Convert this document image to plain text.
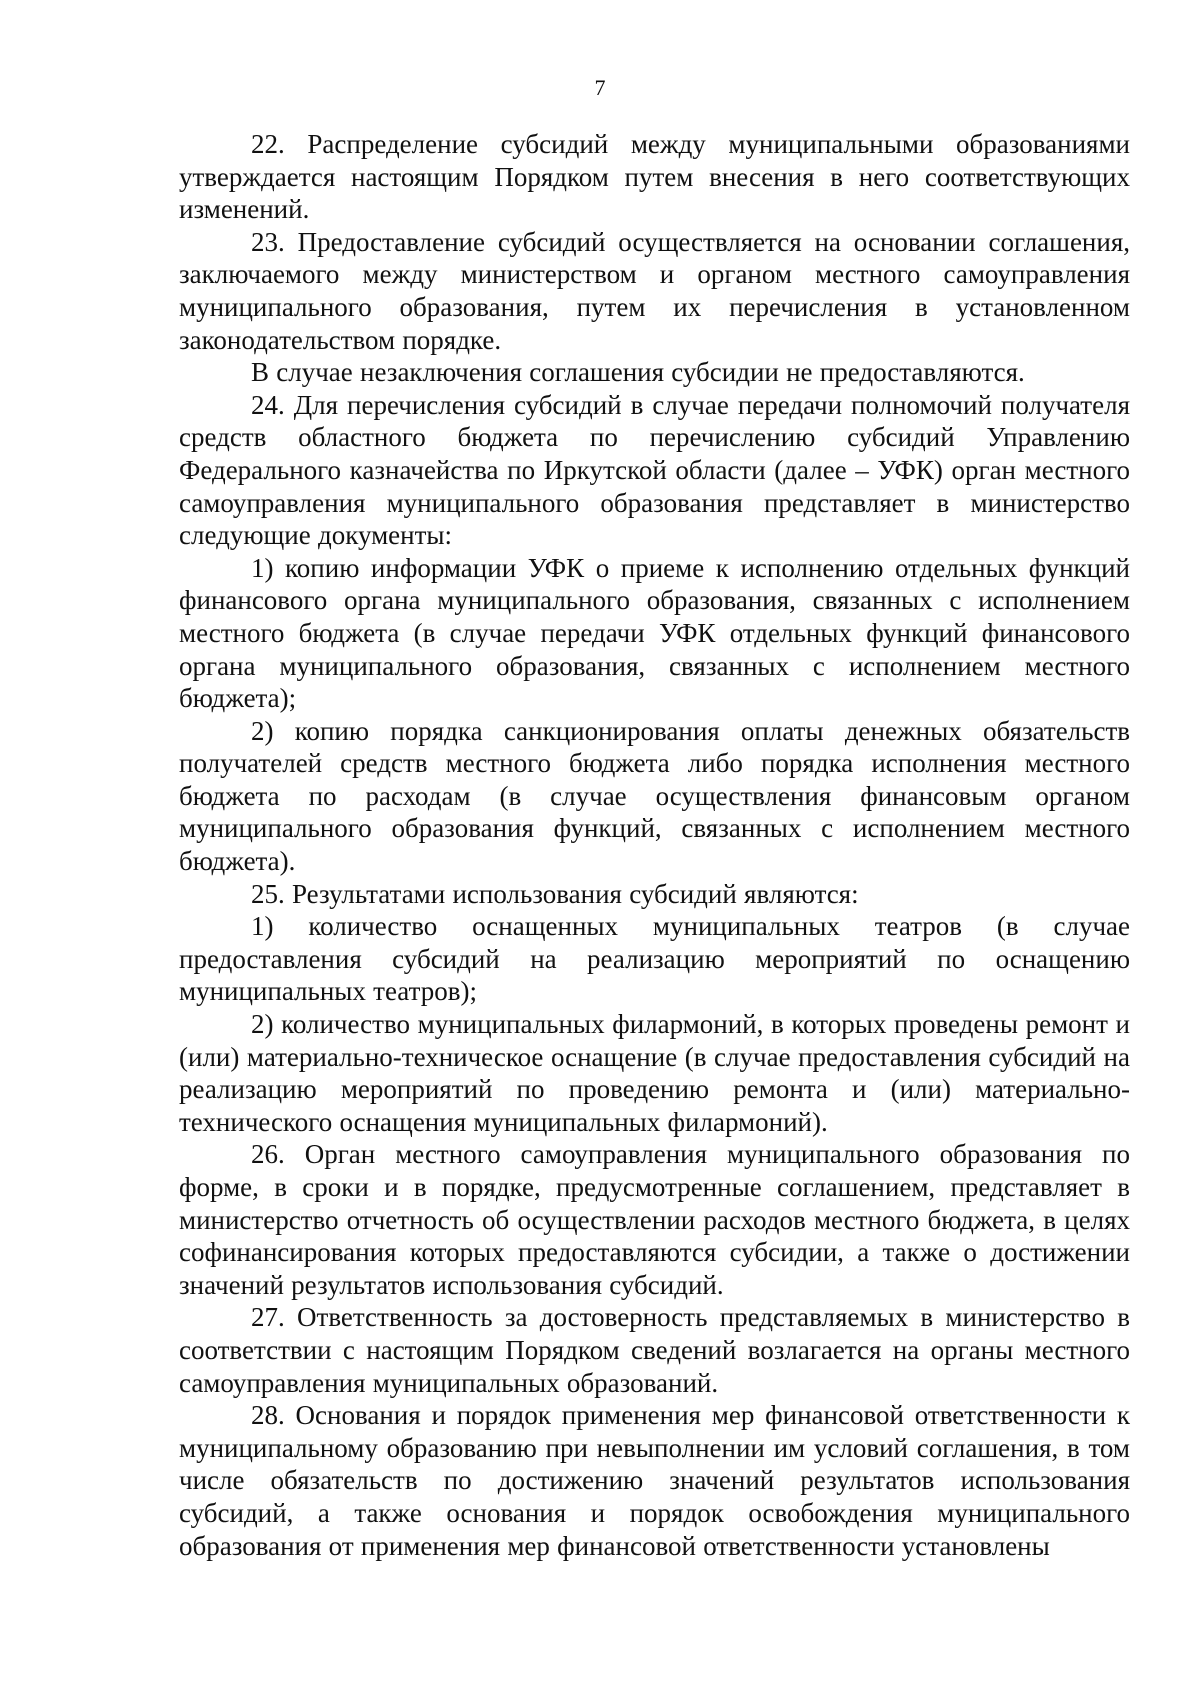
7

22. Распределение субсидий между муниципальными образованиями утверждается настоящим Порядком путем внесения в него соответствующих изменений.

23. Предоставление субсидий осуществляется на основании соглашения, заключаемого между министерством и органом местного самоуправления муниципального образования, путем их перечисления в установленном законодательством порядке.

В случае незаключения соглашения субсидии не предоставляются.

24. Для перечисления субсидий в случае передачи полномочий получателя средств областного бюджета по перечислению субсидий Управлению Федерального казначейства по Иркутской области (далее – УФК) орган местного самоуправления муниципального образования представляет в министерство следующие документы:

1) копию информации УФК о приеме к исполнению отдельных функций финансового органа муниципального образования, связанных с исполнением местного бюджета (в случае передачи УФК отдельных функций финансового органа муниципального образования, связанных с исполнением местного бюджета);

2) копию порядка санкционирования оплаты денежных обязательств получателей средств местного бюджета либо порядка исполнения местного бюджета по расходам (в случае осуществления финансовым органом муниципального образования функций, связанных с исполнением местного бюджета).

25. Результатами использования субсидий являются:

1) количество оснащенных муниципальных театров (в случае предоставления субсидий на реализацию мероприятий по оснащению муниципальных театров);

2) количество муниципальных филармоний, в которых проведены ремонт и (или) материально-техническое оснащение (в случае предоставления субсидий на реализацию мероприятий по проведению ремонта и (или) материально-технического оснащения муниципальных филармоний).

26. Орган местного самоуправления муниципального образования по форме, в сроки и в порядке, предусмотренные соглашением, представляет в министерство отчетность об осуществлении расходов местного бюджета, в целях софинансирования которых предоставляются субсидии, а также о достижении значений результатов использования субсидий.

27. Ответственность за достоверность представляемых в министерство в соответствии с настоящим Порядком сведений возлагается на органы местного самоуправления муниципальных образований.

28. Основания и порядок применения мер финансовой ответственности к муниципальному образованию при невыполнении им условий соглашения, в том числе обязательств по достижению значений результатов использования субсидий, а также основания и порядок освобождения муниципального образования от применения мер финансовой ответственности установлены
